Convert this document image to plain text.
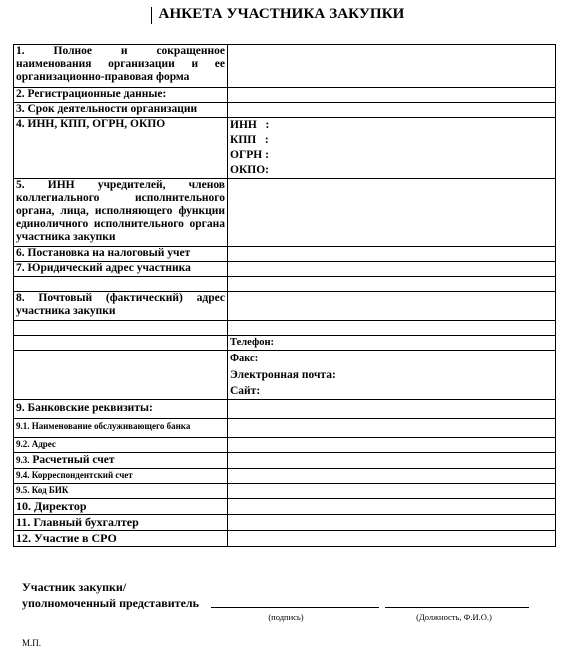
АНКЕТА УЧАСТНИКА ЗАКУПКИ
1. Полное и сокращенное наименования организации и ее организационно-правовая форма	
2. Регистрационные данные:	
3. Срок деятельности организации	
4. ИНН, КПП, ОГРН, ОКПО	ИНН   :
КПП   :
ОГРН :
ОКПО:

5. ИНН учредителей, членов коллегиального исполнительного органа, лица, исполняющего функции единоличного исполнительного органа участника закупки	
6. Постановка на налоговый учет	
7. Юридический адрес участника	

8. Почтовый (фактический) адрес участника закупки	

	Телефон:

	Факс:
Электронная почта:
Сайт:

9. Банковские реквизиты:	
9.1. Наименование обслуживающего банка	
9.2. Адрес	
9.3. Расчетный счет	
9.4. Корреспондентский счет	
9.5. Код БИК	
10. Директор	
11. Главный бухгалтер	
12. Участие в СРО	
Участник закупки/
уполномоченный представитель
(подпись)	(Должность, Ф.И.О.)
М.П.
